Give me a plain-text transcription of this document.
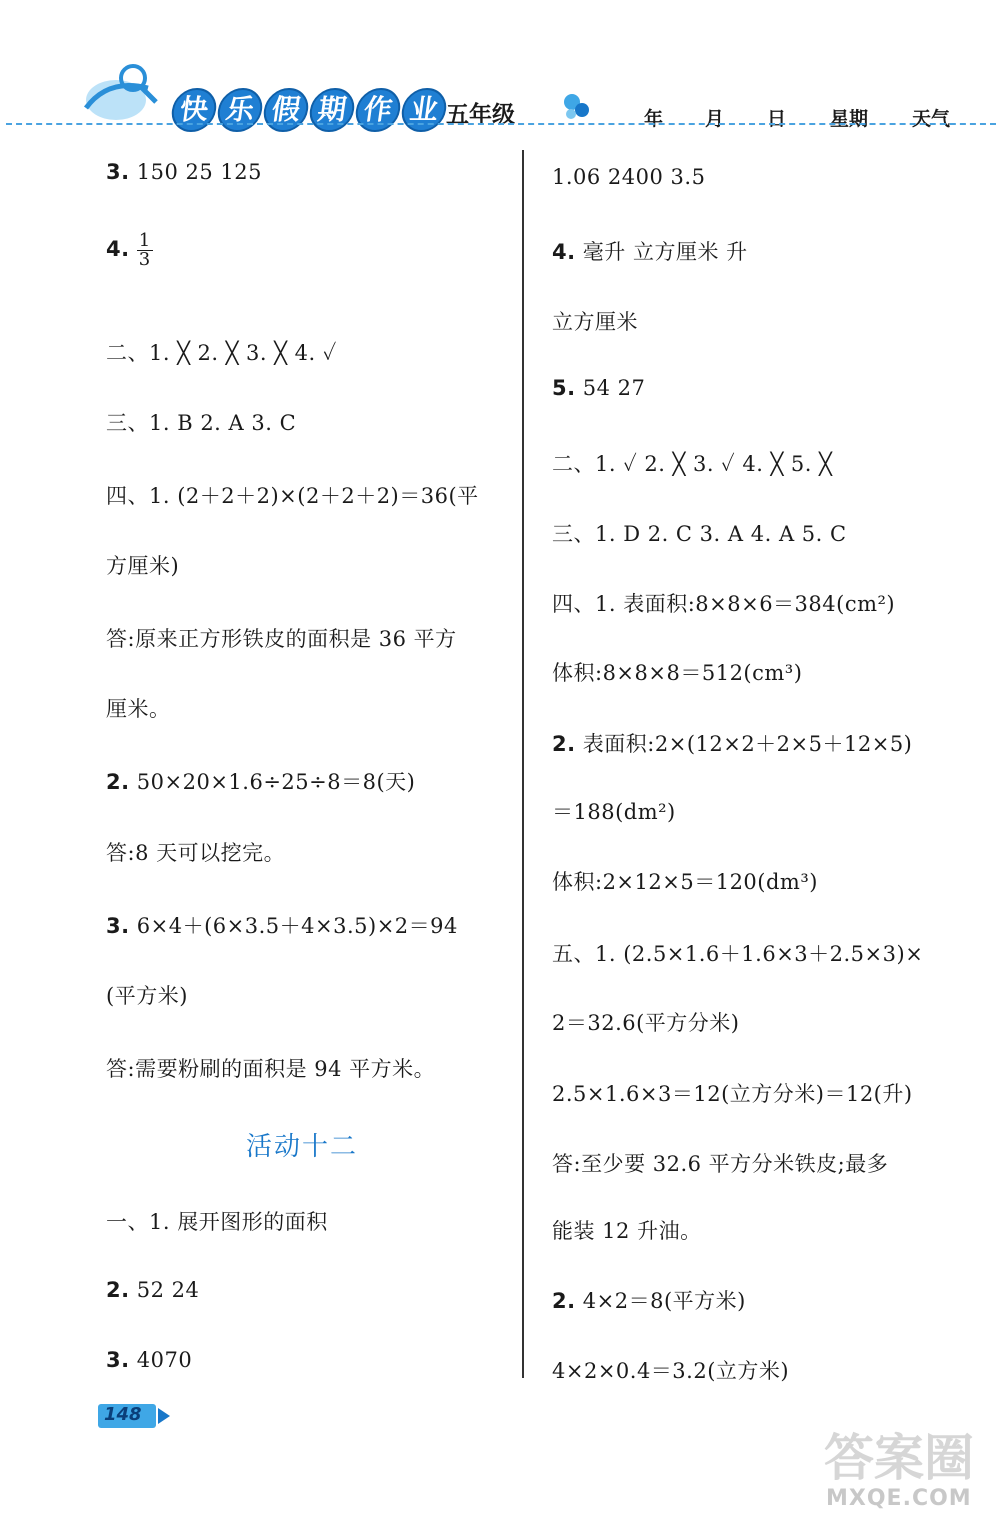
快 乐 假 期 作 业 五年级	年 月 日 星期 天气
3. 150 25 125
4. $\frac{1}{3}$
二、1. ╳ 2. ╳ 3. ╳ 4. ✓
三、1. B 2. A 3. C
四、1. (2＋2＋2)×(2＋2＋2)＝36(平
方厘米)
答:原来正方形铁皮的面积是 36 平方
厘米。
2. 50×20×1.6÷25÷8＝8(天)
答:8 天可以挖完。
3. 6×4＋(6×3.5＋4×3.5)×2＝94
(平方米)
答:需要粉刷的面积是 94 平方米。
活动十二
一、1. 展开图形的面积
2. 52 24
3. 4070
1.06 2400 3.5
4. 毫升 立方厘米 升
立方厘米
5. 54 27
二、1. ✓ 2. ╳ 3. ✓ 4. ╳ 5. ╳
三、1. D 2. C 3. A 4. A 5. C
四、1. 表面积:8×8×6＝384(cm²)
体积:8×8×8＝512(cm³)
2. 表面积:2×(12×2＋2×5＋12×5)
＝188(dm²)
体积:2×12×5＝120(dm³)
五、1. (2.5×1.6＋1.6×3＋2.5×3)×
2＝32.6(平方分米)
2.5×1.6×3＝12(立方分米)＝12(升)
答:至少要 32.6 平方分米铁皮;最多
能装 12 升油。
2. 4×2＝8(平方米)
4×2×0.4＝3.2(立方米)
148
答案圈
MXQE.COM
